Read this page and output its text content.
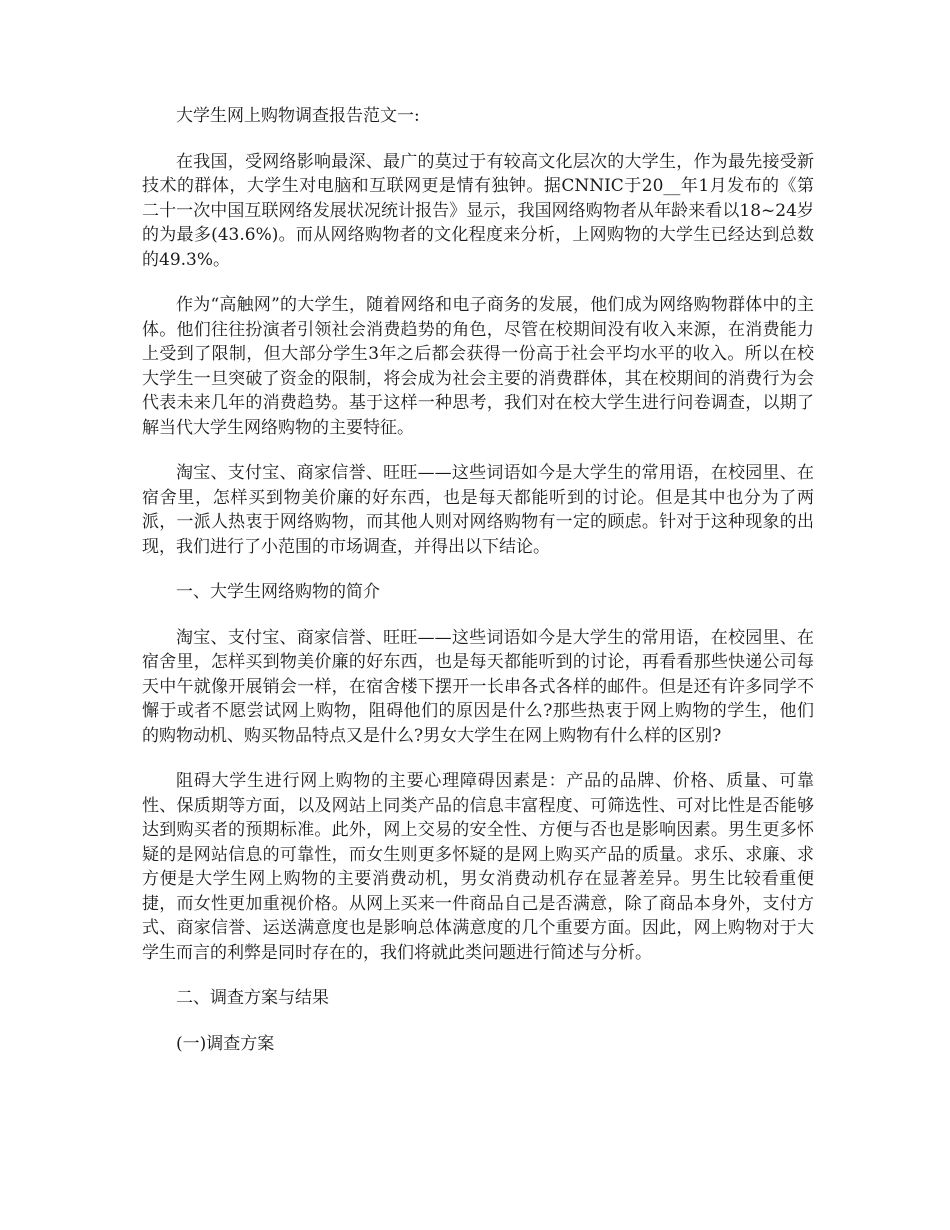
大学生网上购物调查报告范文一:

在我国，受网络影响最深、最广的莫过于有较高文化层次的大学生，作为最先接受新技术的群体，大学生对电脑和互联网更是情有独钟。据CNNIC于20__年1月发布的《第二十一次中国互联网络发展状况统计报告》显示，我国网络购物者从年龄来看以18~24岁的为最多(43.6%)。而从网络购物者的文化程度来分析，上网购物的大学生已经达到总数的49.3%。

作为“高触网”的大学生，随着网络和电子商务的发展，他们成为网络购物群体中的主体。他们往往扮演者引领社会消费趋势的角色，尽管在校期间没有收入来源，在消费能力上受到了限制，但大部分学生3年之后都会获得一份高于社会平均水平的收入。所以在校大学生一旦突破了资金的限制，将会成为社会主要的消费群体，其在校期间的消费行为会代表未来几年的消费趋势。基于这样一种思考，我们对在校大学生进行问卷调查，以期了解当代大学生网络购物的主要特征。

淘宝、支付宝、商家信誉、旺旺——这些词语如今是大学生的常用语，在校园里、在宿舍里，怎样买到物美价廉的好东西，也是每天都能听到的讨论。但是其中也分为了两派，一派人热衷于网络购物，而其他人则对网络购物有一定的顾虑。针对于这种现象的出现，我们进行了小范围的市场调查，并得出以下结论。

一、大学生网络购物的简介

淘宝、支付宝、商家信誉、旺旺——这些词语如今是大学生的常用语，在校园里、在宿舍里，怎样买到物美价廉的好东西，也是每天都能听到的讨论，再看看那些快递公司每天中午就像开展销会一样，在宿舍楼下摆开一长串各式各样的邮件。但是还有许多同学不懈于或者不愿尝试网上购物，阻碍他们的原因是什么?那些热衷于网上购物的学生，他们的购物动机、购买物品特点又是什么?男女大学生在网上购物有什么样的区别?

阻碍大学生进行网上购物的主要心理障碍因素是：产品的品牌、价格、质量、可靠性、保质期等方面，以及网站上同类产品的信息丰富程度、可筛选性、可对比性是否能够达到购买者的预期标准。此外，网上交易的安全性、方便与否也是影响因素。男生更多怀疑的是网站信息的可靠性，而女生则更多怀疑的是网上购买产品的质量。求乐、求廉、求方便是大学生网上购物的主要消费动机，男女消费动机存在显著差异。男生比较看重便捷，而女性更加重视价格。从网上买来一件商品自己是否满意，除了商品本身外，支付方式、商家信誉、运送满意度也是影响总体满意度的几个重要方面。因此，网上购物对于大学生而言的利弊是同时存在的，我们将就此类问题进行简述与分析。

二、调查方案与结果

(一)调查方案
